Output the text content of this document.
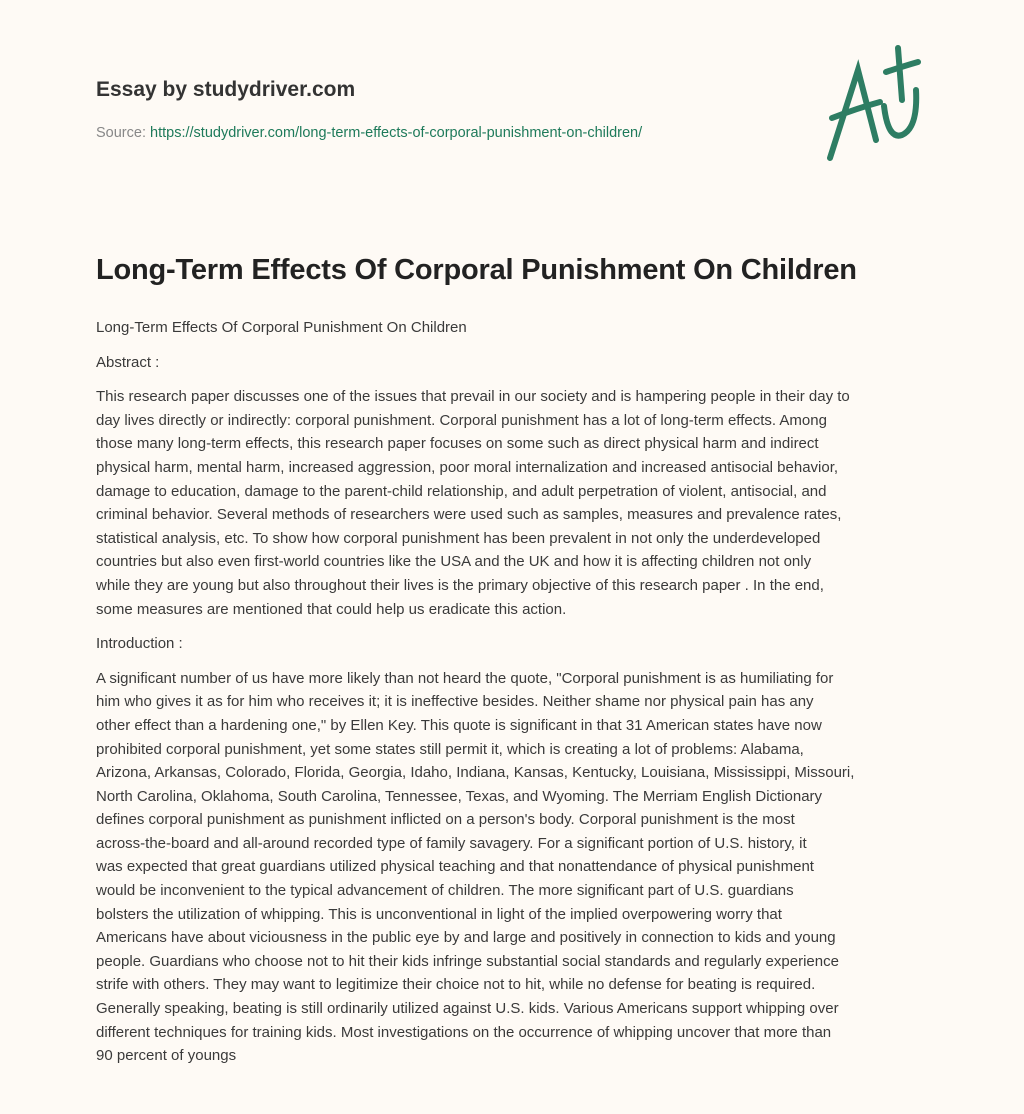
Essay by studydriver.com
Source: https://studydriver.com/long-term-effects-of-corporal-punishment-on-children/
Long-Term Effects Of Corporal Punishment On Children

Long-Term Effects Of Corporal Punishment On Children

Abstract :

This research paper discusses one of the issues that prevail in our society and is hampering people in their day to
day lives directly or indirectly: corporal punishment. Corporal punishment has a lot of long-term effects. Among
those many long-term effects, this research paper focuses on some such as direct physical harm and indirect
physical harm, mental harm, increased aggression, poor moral internalization and increased antisocial behavior,
damage to education, damage to the parent-child relationship, and adult perpetration of violent, antisocial, and
criminal behavior. Several methods of researchers were used such as samples, measures and prevalence rates,
statistical analysis, etc. To show how corporal punishment has been prevalent in not only the underdeveloped
countries but also even first-world countries like the USA and the UK and how it is affecting children not only
while they are young but also throughout their lives is the primary objective of this research paper . In the end,
some measures are mentioned that could help us eradicate this action.

Introduction :

A significant number of us have more likely than not heard the quote, "Corporal punishment is as humiliating for
him who gives it as for him who receives it; it is ineffective besides. Neither shame nor physical pain has any
other effect than a hardening one," by Ellen Key. This quote is significant in that 31 American states have now
prohibited corporal punishment, yet some states still permit it, which is creating a lot of problems: Alabama,
Arizona, Arkansas, Colorado, Florida, Georgia, Idaho, Indiana, Kansas, Kentucky, Louisiana, Mississippi, Missouri,
North Carolina, Oklahoma, South Carolina, Tennessee, Texas, and Wyoming. The Merriam English Dictionary
defines corporal punishment as punishment inflicted on a person's body. Corporal punishment is the most
across-the-board and all-around recorded type of family savagery. For a significant portion of U.S. history, it
was expected that great guardians utilized physical teaching and that nonattendance of physical punishment
would be inconvenient to the typical advancement of children. The more significant part of U.S. guardians
bolsters the utilization of whipping. This is unconventional in light of the implied overpowering worry that
Americans have about viciousness in the public eye by and large and positively in connection to kids and young
people. Guardians who choose not to hit their kids infringe substantial social standards and regularly experience
strife with others. They may want to legitimize their choice not to hit, while no defense for beating is required.
Generally speaking, beating is still ordinarily utilized against U.S. kids. Various Americans support whipping over
different techniques for training kids. Most investigations on the occurrence of whipping uncover that more than
90 percent of youngs
